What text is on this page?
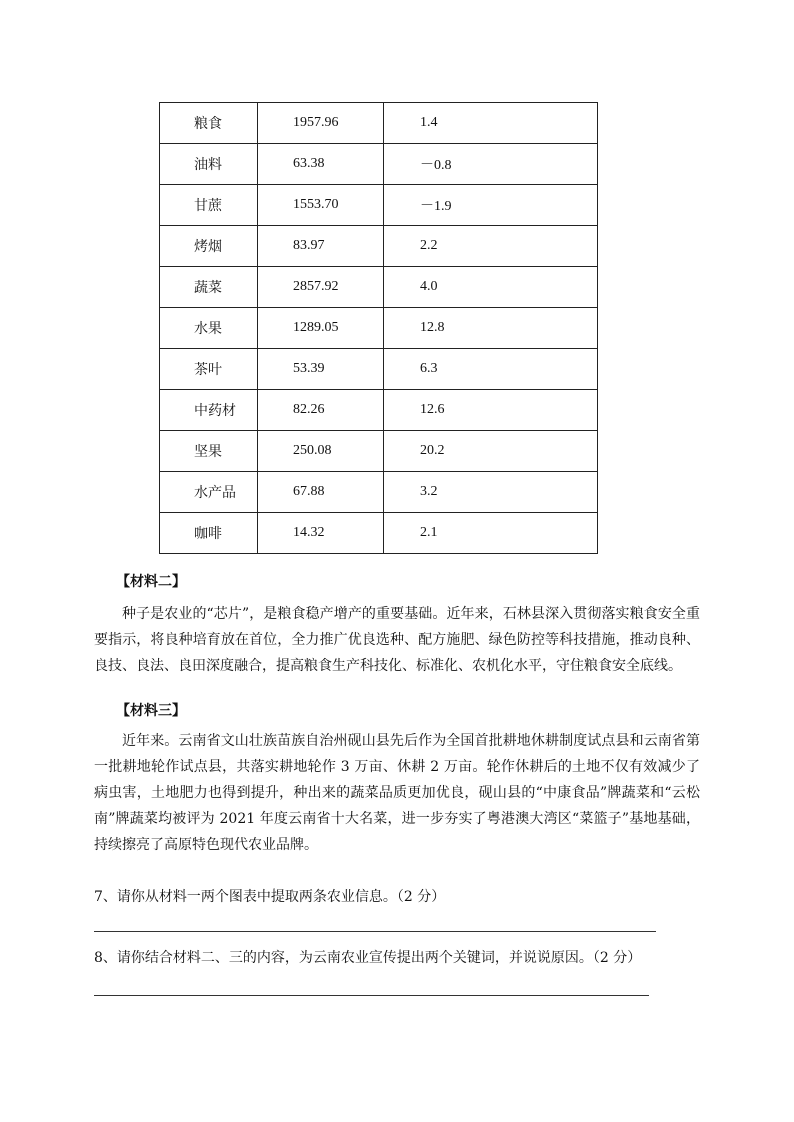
粮食	1957.96	1.4
油料	63.38	－0.8
甘蔗	1553.70	－1.9
烤烟	83.97	2.2
蔬菜	2857.92	4.0
水果	1289.05	12.8
茶叶	53.39	6.3
中药材	82.26	12.6
坚果	250.08	20.2
水产品	67.88	3.2
咖啡	14.32	2.1
【材料二】
种子是农业的“芯片”，是粮食稳产增产的重要基础。近年来，石林县深入贯彻落实粮食安全重要指示，将良种培育放在首位，全力推广优良选种、配方施肥、绿色防控等科技措施，推动良种、良技、良法、良田深度融合，提高粮食生产科技化、标准化、农机化水平，守住粮食安全底线。
【材料三】
近年来。云南省文山壮族苗族自治州砚山县先后作为全国首批耕地休耕制度试点县和云南省第一批耕地轮作试点县，共落实耕地轮作 3 万亩、休耕 2 万亩。轮作休耕后的土地不仅有效减少了病虫害，土地肥力也得到提升，种出来的蔬菜品质更加优良，砚山县的“中康食品”牌蔬菜和“云松南”牌蔬菜均被评为 2021 年度云南省十大名菜，进一步夯实了粤港澳大湾区“菜篮子”基地基础，持续擦亮了高原特色现代农业品牌。
7、请你从材料一两个图表中提取两条农业信息。（2 分）
8、请你结合材料二、三的内容，为云南农业宣传提出两个关键词，并说说原因。（2 分）
